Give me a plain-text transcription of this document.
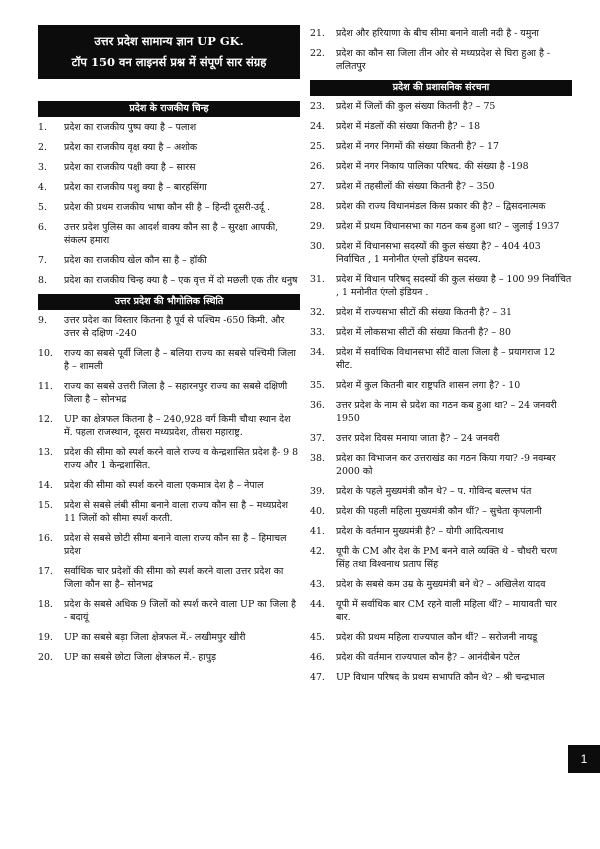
उत्तर प्रदेश सामान्य ज्ञान UP GK.
टॉप 150 वन लाइनर्स प्रश्न में संपूर्ण सार संग्रह
प्रदेश के राजकीय चिन्ह
1.	प्रदेश का राजकीय पुष्प क्या है – पलाश
2.	प्रदेश का राजकीय वृक्ष क्या है – अशोक
3.	प्रदेश का राजकीय पक्षी क्या है – सारस
4.	प्रदेश का राजकीय पशु क्या है – बारहसिंगा
5.	प्रदेश की प्रथम राजकीय भाषा कौन सी है – हिन्दी दूसरी-उर्दू .
6.	उत्तर प्रदेश पुलिस का आदर्श वाक्य कौन सा है – सुरक्षा आपकी, संकल्प हमारा
7.	प्रदेश का राजकीय खेल कौन सा है – हॉकी
8.	प्रदेश का राजकीय चिन्ह क्या है – एक वृत्त में दो मछली एक तीर धनुष
उत्तर प्रदेश की भौगोलिक स्थिति
9.	उत्तर प्रदेश का विस्तार कितना है पूर्व से पश्चिम -650 किमी. और उत्तर से दक्षिण -240
10.	राज्य का सबसे पूर्वी जिला है – बलिया राज्य का सबसे पश्चिमी जिला है – शामली
11.	राज्य का सबसे उत्तरी जिला है – सहारनपुर राज्य का सबसे दक्षिणी जिला है – सोनभद्र
12.	UP का क्षेत्रफल कितना है – 240,928 वर्ग किमी चौथा स्थान देश में. पहला राजस्थान, दूसरा मध्यप्रदेश, तीसरा महाराष्ट्र.
13.	प्रदेश की सीमा को स्पर्श करने वाले राज्य व केन्द्रशासित प्रदेश है- 9 8 राज्य और 1 केन्द्रशासित.
14.	प्रदेश की सीमा को स्पर्श करने वाला एकमात्र देश है – नेपाल
15.	प्रदेश से सबसे लंबी सीमा बनाने वाला राज्य कौन सा है – मध्यप्रदेश 11 जिलों को सीमा स्पर्श करती.
16.	प्रदेश से सबसे छोटी सीमा बनाने वाला राज्य कौन सा है – हिमाचल प्रदेश
17.	सर्वाधिक चार प्रदेशों की सीमा को स्पर्श करने वाला उत्तर प्रदेश का जिला कौन सा है– सोनभद्र
18.	प्रदेश के सबसे अधिक 9 जिलों को स्पर्श करने वाला UP का जिला है - बदायूं
19.	UP का सबसे बड़ा जिला क्षेत्रफल में.- लखीमपुर खीरी
20.	UP का सबसे छोटा जिला क्षेत्रफल में.- हापुड़
21.	प्रदेश और हरियाणा के बीच सीमा बनाने वाली नदी है - यमुना
22.	प्रदेश का कौन सा जिला तीन ओर से मध्यप्रदेश से घिरा हुआ है - ललितपुर
प्रदेश की प्रशासनिक संरचना
23.	प्रदेश में जिलों की कुल संख्या कितनी है? – 75
24.	प्रदेश में मंडलों की संख्या कितनी है? – 18
25.	प्रदेश में नगर निगमों की संख्या कितनी है? – 17
26.	प्रदेश में नगर निकाय पालिका परिषद. की संख्या है -198
27.	प्रदेश में तहसीलों की संख्या कितनी है? – 350
28.	प्रदेश की राज्य विधानमंडल किस प्रकार की है? – द्विसदनात्मक
29.	प्रदेश में प्रथम विधानसभा का गठन कब हुआ था? – जुलाई 1937
30.	प्रदेश में विधानसभा सदस्यों की कुल संख्या है? – 404 403 निर्वाचित , 1 मनोनीत एंग्लो इंडियन सदस्य.
31.	प्रदेश में विधान परिषद् सदस्यों की कुल संख्या है – 100 99 निर्वाचित , 1 मनोनीत एंग्लो इंडियन .
32.	प्रदेश में राज्यसभा सीटों की संख्या कितनी है? – 31
33.	प्रदेश में लोकसभा सीटों की संख्या कितनी है? – 80
34.	प्रदेश में सर्वाधिक विधानसभा सीटें वाला जिला है – प्रयागराज 12 सीट.
35.	प्रदेश में कुल कितनी बार राष्ट्रपति शासन लगा है? - 10
36.	उत्तर प्रदेश के नाम से प्रदेश का गठन कब हुआ था? – 24 जनवरी 1950
37.	उत्तर प्रदेश दिवस मनाया जाता है? – 24 जनवरी
38.	प्रदेश का विभाजन कर उत्तराखंड का गठन किया गया? -9 नवम्बर 2000 को
39.	प्रदेश के पहले मुख्यमंत्री कौन थे? – प. गोविन्द बल्लभ पंत
40.	प्रदेश की पहली महिला मुख्यमंत्री कौन थीं? – सुचेता कृपलानी
41.	प्रदेश के वर्तमान मुख्यमंत्री है? – योगी आदित्यनाथ
42.	यूपी के CM और देश के PM बनने वाले व्यक्ति थे - चौधरी चरण सिंह तथा विश्वनाथ प्रताप सिंह
43.	प्रदेश के सबसे कम उम्र के मुख्यमंत्री बने थे? – अखिलेश यादव
44.	यूपी में सर्वाधिक बार CM रहने वाली महिला थीं? – मायावती चार बार.
45.	प्रदेश की प्रथम महिला राज्यपाल कौन थीं? – सरोजनी नायडू
46.	प्रदेश की वर्तमान राज्यपाल कौन है? – आनंदीबेन पटेल
47.	UP विधान परिषद के प्रथम सभापति कौन थे? – श्री चन्द्रभाल
1
